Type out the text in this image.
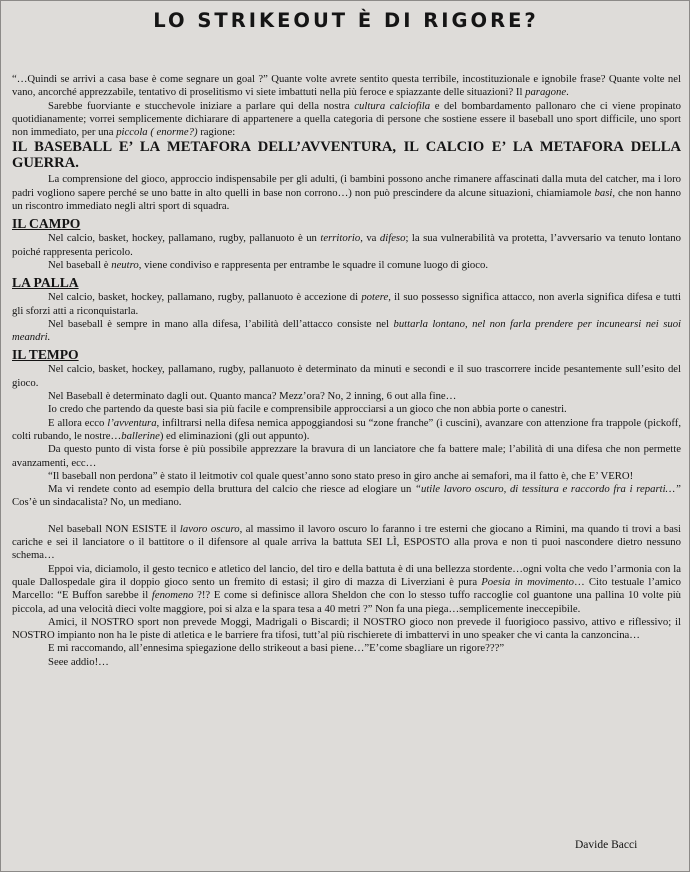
LO STRIKEOUT È DI RIGORE?

“…Quindi se arrivi a casa base è come segnare un goal ?” Quante volte avrete sentito questa terribile, incostituzionale e ignobile frase? Quante volte nel vano, ancorché apprezzabile, tentativo di proselitismo vi siete imbattuti nella più feroce e spiazzante delle situazioni? Il paragone.

Sarebbe fuorviante e stucchevole iniziare a parlare qui della nostra cultura calciofila e del bombardamento pallonaro che ci viene propinato quotidianamente; vorrei semplicemente dichiarare di appartenere a quella categoria di persone che sostiene essere il baseball uno sport difficile, uno sport non immediato, per una piccola ( enorme?) ragione:

IL BASEBALL E’ LA METAFORA DELL’AVVENTURA, IL CALCIO E’ LA METAFORA DELLA GUERRA.

La comprensione del gioco, approccio indispensabile per gli adulti, (i bambini possono anche rimanere affascinati dalla muta del catcher, ma i loro padri vogliono sapere perché se uno batte in alto quelli in base non corrono…) non può prescindere da alcune situazioni, chiamiamole basi, che non hanno un riscontro immediato negli altri sport di squadra.

IL CAMPO

Nel calcio, basket, hockey, pallamano, rugby, pallanuoto è un territorio, va difeso; la sua vulnerabilità va protetta, l’avversario va tenuto lontano poiché rappresenta pericolo.

Nel baseball è neutro, viene condiviso e rappresenta per entrambe le squadre il comune luogo di gioco.

LA PALLA

Nel calcio, basket, hockey, pallamano, rugby, pallanuoto è accezione di potere, il suo possesso significa attacco, non averla significa difesa e tutti gli sforzi atti a riconquistarla.

Nel baseball è sempre in mano alla difesa, l’abilità dell’attacco consiste nel buttarla lontano, nel non farla prendere per incunearsi nei suoi meandri.

IL TEMPO

Nel calcio, basket, hockey, pallamano, rugby, pallanuoto è determinato da minuti e secondi e il suo trascorrere incide pesantemente sull’esito del gioco.

Nel Baseball è determinato dagli out. Quanto manca? Mezz’ora? No, 2 inning, 6 out alla fine…

Io credo che partendo da queste basi sia più facile e comprensibile approcciarsi a un gioco che non abbia porte o canestri.

E allora ecco l’avventura, infiltrarsi nella difesa nemica appoggiandosi su “zone franche” (i cuscini), avanzare con attenzione fra trappole (pickoff, colti rubando, le nostre…ballerine) ed eliminazioni (gli out appunto).

Da questo punto di vista forse è più possibile apprezzare la bravura di un lanciatore che fa battere male; l’abilità di una difesa che non permette avanzamenti, ecc…

“Il baseball non perdona” è stato il leitmotiv col quale quest’anno sono stato preso in giro anche ai semafori, ma il fatto è, che E’ VERO!

Ma vi rendete conto ad esempio della bruttura del calcio che riesce ad elogiare un “utile lavoro oscuro, di tessitura e raccordo fra i reparti…” Cos’è un sindacalista? No, un mediano.

Nel baseball NON ESISTE il lavoro oscuro, al massimo il lavoro oscuro lo faranno i tre esterni che giocano a Rimini, ma quando ti trovi a basi cariche e sei il lanciatore o il battitore o il difensore al quale arriva la battuta SEI LÌ, ESPOSTO alla prova e non ti puoi nascondere dietro nessuno schema…

Eppoi via, diciamolo, il gesto tecnico e atletico del lancio, del tiro e della battuta è di una bellezza stordente…ogni volta che vedo l’armonia con la quale Dallospedale gira il doppio gioco sento un fremito di estasi; il giro di mazza di Liverziani è pura Poesia in movimento… Cito testuale l’amico Marcello: “E Buffon sarebbe il fenomeno ?!? E come si definisce allora Sheldon che con lo stesso tuffo raccoglie col guantone una pallina 10 volte più piccola, ad una velocità dieci volte maggiore, poi si alza e la spara tesa a 40 metri ?” Non fa una piega…semplicemente ineccepibile.

Amici, il NOSTRO sport non prevede Moggi, Madrigali o Biscardi; il NOSTRO gioco non prevede il fuorigioco passivo, attivo e riflessivo; il NOSTRO impianto non ha le piste di atletica e le barriere fra tifosi, tutt’al più rischierete di imbattervi in uno speaker che vi canta la canzoncina…

E mi raccomando, all’ennesima spiegazione dello strikeout a basi piene…”E’come sbagliare un rigore???”

Seee addio!…

Davide Bacci
